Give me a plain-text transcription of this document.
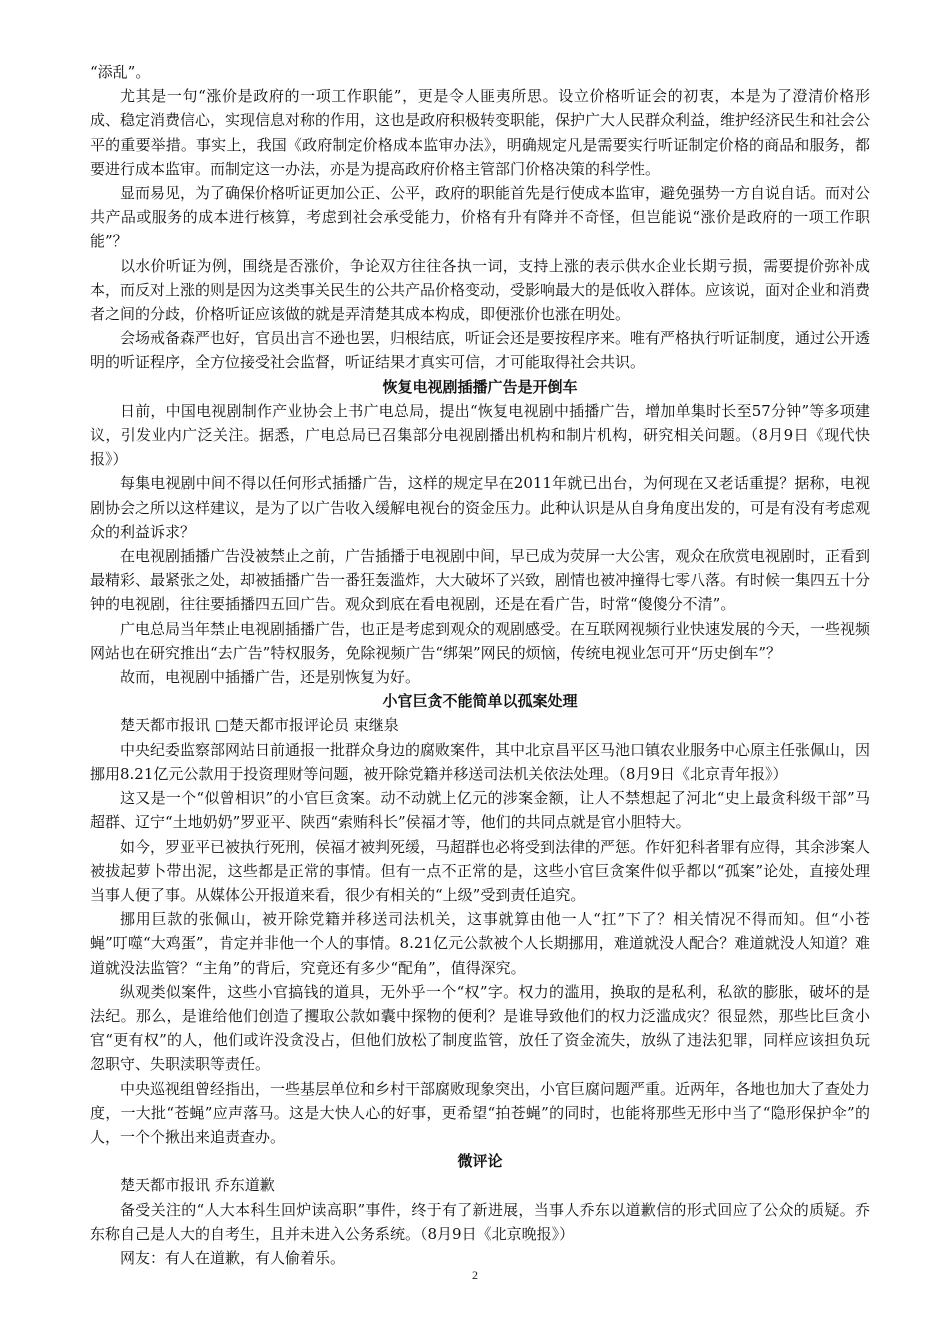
“添乱”。

尤其是一句“涨价是政府的一项工作职能”，更是令人匪夷所思。设立价格听证会的初衷，本是为了澄清价格形成、稳定消费信心，实现信息对称的作用，这也是政府积极转变职能，保护广大人民群众利益，维护经济民生和社会公平的重要举措。事实上，我国《政府制定价格成本监审办法》，明确规定凡是需要实行听证制定价格的商品和服务，都要进行成本监审。而制定这一办法，亦是为提高政府价格主管部门价格决策的科学性。

显而易见，为了确保价格听证更加公正、公平，政府的职能首先是行使成本监审，避免强势一方自说自话。而对公共产品或服务的成本进行核算，考虑到社会承受能力，价格有升有降并不奇怪，但岂能说“涨价是政府的一项工作职能”？

以水价听证为例，围绕是否涨价，争论双方往往各执一词，支持上涨的表示供水企业长期亏损，需要提价弥补成本，而反对上涨的则是因为这类事关民生的公共产品价格变动，受影响最大的是低收入群体。应该说，面对企业和消费者之间的分歧，价格听证应该做的就是弄清楚其成本构成，即便涨价也涨在明处。

会场戒备森严也好，官员出言不逊也罢，归根结底，听证会还是要按程序来。唯有严格执行听证制度，通过公开透明的听证程序，全方位接受社会监督，听证结果才真实可信，才可能取得社会共识。

恢复电视剧插播广告是开倒车

日前，中国电视剧制作产业协会上书广电总局，提出“恢复电视剧中插播广告，增加单集时长至57分钟”等多项建议，引发业内广泛关注。据悉，广电总局已召集部分电视剧播出机构和制片机构，研究相关问题。（8月9日《现代快报》）

每集电视剧中间不得以任何形式插播广告，这样的规定早在2011年就已出台，为何现在又老话重提？据称，电视剧协会之所以这样建议，是为了以广告收入缓解电视台的资金压力。此种认识是从自身角度出发的，可是有没有考虑观众的利益诉求？

在电视剧插播广告没被禁止之前，广告插播于电视剧中间，早已成为荧屏一大公害，观众在欣赏电视剧时，正看到最精彩、最紧张之处，却被插播广告一番狂轰滥炸，大大破坏了兴致，剧情也被冲撞得七零八落。有时候一集四五十分钟的电视剧，往往要插播四五回广告。观众到底在看电视剧，还是在看广告，时常“傻傻分不清”。

广电总局当年禁止电视剧插播广告，也正是考虑到观众的观剧感受。在互联网视频行业快速发展的今天，一些视频网站也在研究推出“去广告”特权服务，免除视频广告“绑架”网民的烦恼，传统电视业怎可开“历史倒车”？

故而，电视剧中插播广告，还是别恢复为好。

小官巨贪不能简单以孤案处理

楚天都市报讯 □楚天都市报评论员 束继泉

中央纪委监察部网站日前通报一批群众身边的腐败案件，其中北京昌平区马池口镇农业服务中心原主任张佩山，因挪用8.21亿元公款用于投资理财等问题，被开除党籍并移送司法机关依法处理。（8月9日《北京青年报》）

这又是一个“似曾相识”的小官巨贪案。动不动就上亿元的涉案金额，让人不禁想起了河北“史上最贪科级干部”马超群、辽宁“土地奶奶”罗亚平、陕西“索贿科长”侯福才等，他们的共同点就是官小胆特大。

如今，罗亚平已被执行死刑，侯福才被判死缓，马超群也必将受到法律的严惩。作奸犯科者罪有应得，其余涉案人被拔起萝卜带出泥，这些都是正常的事情。但有一点不正常的是，这些小官巨贪案件似乎都以“孤案”论处，直接处理当事人便了事。从媒体公开报道来看，很少有相关的“上级”受到责任追究。

挪用巨款的张佩山，被开除党籍并移送司法机关，这事就算由他一人“扛”下了？相关情况不得而知。但“小苍蝇”叮噬“大鸡蛋”，肯定并非他一个人的事情。8.21亿元公款被个人长期挪用，难道就没人配合？难道就没人知道？难道就没法监管？“主角”的背后，究竟还有多少“配角”，值得深究。

纵观类似案件，这些小官搞钱的道具，无外乎一个“权”字。权力的滥用，换取的是私利，私欲的膨胀，破坏的是法纪。那么，是谁给他们创造了攫取公款如囊中探物的便利？是谁导致他们的权力泛滥成灾？很显然，那些比巨贪小官“更有权”的人，他们或许没贪没占，但他们放松了制度监管，放任了资金流失，放纵了违法犯罪，同样应该担负玩忽职守、失职渎职等责任。

中央巡视组曾经指出，一些基层单位和乡村干部腐败现象突出，小官巨腐问题严重。近两年，各地也加大了查处力度，一大批“苍蝇”应声落马。这是大快人心的好事，更希望“拍苍蝇”的同时，也能将那些无形中当了“隐形保护伞”的人，一个个揪出来追责查办。

微评论

楚天都市报讯 乔东道歉

备受关注的“人大本科生回炉读高职”事件，终于有了新进展，当事人乔东以道歉信的形式回应了公众的质疑。乔东称自己是人大的自考生，且并未进入公务系统。（8月9日《北京晚报》）

网友：有人在道歉，有人偷着乐。

2
